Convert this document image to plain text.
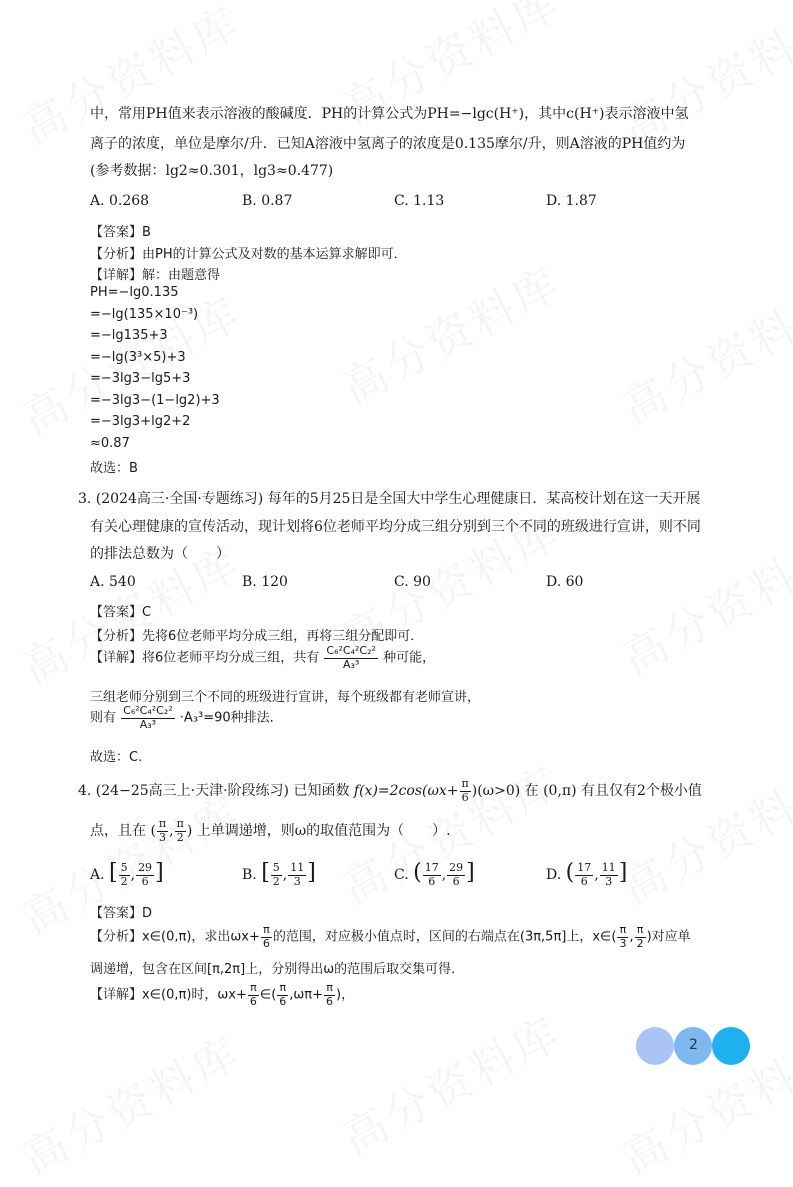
中，常用PH值来表示溶液的酸碱度．PH的计算公式为PH=−lgc(H⁺)，其中c(H⁺)表示溶液中氢
离子的浓度，单位是摩尔/升．已知A溶液中氢离子的浓度是0.135摩尔/升，则A溶液的PH值约为
(参考数据：lg2≈0.301，lg3≈0.477)
A. 0.268	B. 0.87	C. 1.13	D. 1.87
【答案】B
【分析】由PH的计算公式及对数的基本运算求解即可．
【详解】解：由题意得
PH=−lg0.135
=−lg(135×10⁻³)
=−lg135+3
=−lg(3³×5)+3
=−3lg3−lg5+3
=−3lg3−(1−lg2)+3
=−3lg3+lg2+2
≈0.87
故选：B
3. (2024高三·全国·专题练习) 每年的5月25日是全国大中学生心理健康日．某高校计划在这一天开展
有关心理健康的宣传活动，现计划将6位老师平均分成三组分别到三个不同的班级进行宣讲，则不同
的排法总数为（　　）
A. 540	B. 120	C. 90	D. 60
【答案】C
【分析】先将6位老师平均分成三组，再将三组分配即可．
【详解】将6位老师平均分成三组，共有 $\frac{\text{C₆²C₄²C₂²}}{\text{A₃³}}$ 种可能，
三组老师分别到三个不同的班级进行宣讲，每个班级都有老师宣讲，
则有 $\frac{\text{C₆²C₄²C₂²}}{\text{A₃³}} \cdot A_3^3=90$种排法．
故选：C.
4. (24−25高三上·天津·阶段练习) 已知函数 $f(x)=2\cos(\omega x+ \frac{\pi}{6} )(\omega>0)$ 在 (0,π) 有且仅有2个极小值
点，且在 ( $\frac{\pi}{3}$ , $\frac{\pi}{2}$ ) 上单调递增，则ω的取值范围为（　　）.
A. [ $\frac{5}{2}$ , $\frac{29}{6}$ ]	B. [ $\frac{5}{2}$ , $\frac{11}{3}$ ]	C. ( $\frac{17}{6}$ , $\frac{29}{6}$ ]	D. ( $\frac{17}{6}$ , $\frac{11}{3}$ ]
【答案】D
【分析】x∈(0,π)，求出$\omega x+ \frac{\pi}{6}$ 的范围，对应极小值点时，区间的右端点在(3π,5π]上，x∈( $\frac{\pi}{3}$ , $\frac{\pi}{2}$ )对应单
调递增，包含在区间[π,2π]上，分别得出ω的范围后取交集可得．
【详解】x∈(0,π)时，$\omega x+ \frac{\pi}{6}$ ∈( $\frac{\pi}{6} ,\omega\pi+ \frac{\pi}{6}$ )，
2
